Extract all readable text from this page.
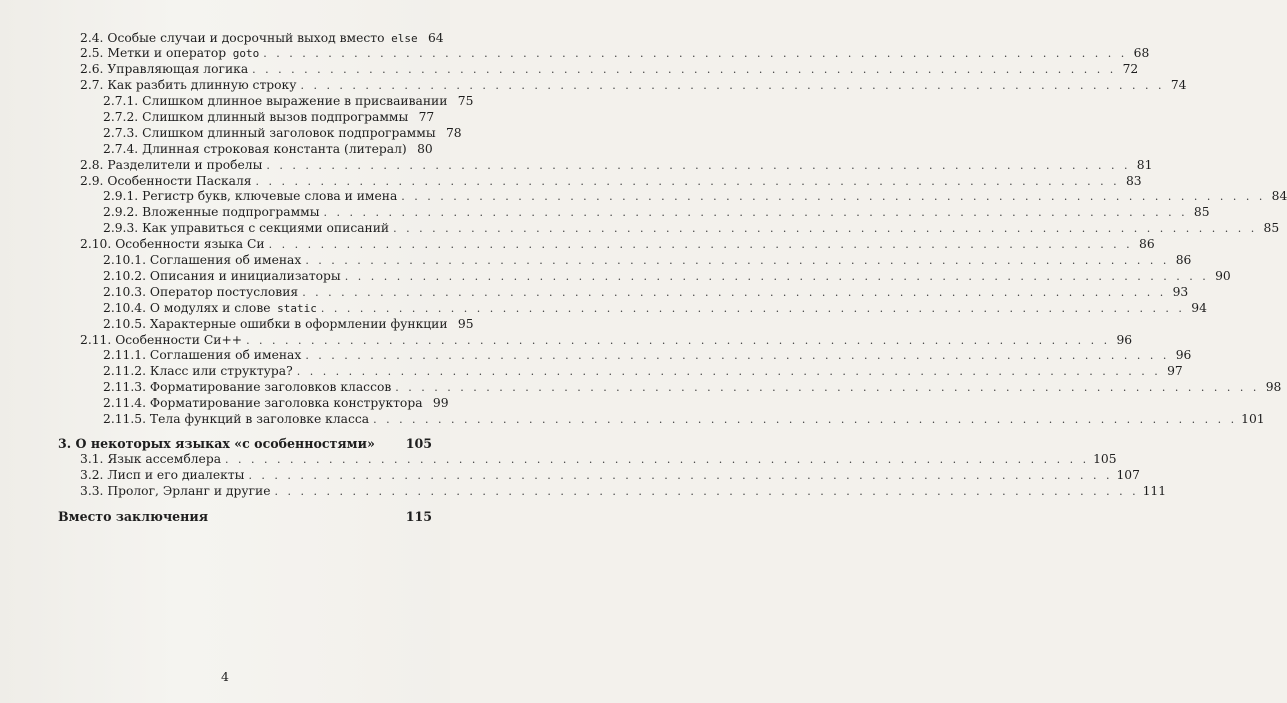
2.4. Особые случаи и досрочный выход вместо else 64
2.5. Метки и оператор goto . . .	68
2.6. Управляющая логика . . .	72
2.7. Как разбить длинную строку . . .	74
2.7.1. Слишком длинное выражение в присваивании 75
2.7.2. Слишком длинный вызов подпрограммы 77
2.7.3. Слишком длинный заголовок подпрограммы 78
2.7.4. Длинная строковая константа (литерал) 80
2.8. Разделители и пробелы . . .	81
2.9. Особенности Паскаля . . .	83
2.9.1. Регистр букв, ключевые слова и имена . . .	84
2.9.2. Вложенные подпрограммы . . .	85
2.9.3. Как управиться с секциями описаний . . .	85
2.10. Особенности языка Си . . .	86
2.10.1. Соглашения об именах . . .	86
2.10.2. Описания и инициализаторы . . .	90
2.10.3. Оператор постусловия . . .	93
2.10.4. О модулях и слове static . . .	94
2.10.5. Характерные ошибки в оформлении функции 95
2.11. Особенности Си++ . . .	96
2.11.1. Соглашения об именах . . .	96
2.11.2. Класс или структура? . . .	97
2.11.3. Форматирование заголовков классов . . .	98
2.11.4. Форматирование заголовка конструктора 99
2.11.5. Тела функций в заголовке класса . . .	101
3. О некоторых языках «с особенностями» 105
3.1. Язык ассемблера . . .	105
3.2. Лисп и его диалекты . . .	107
3.3. Пролог, Эрланг и другие . . .	111
Вместо заключения	115
4
